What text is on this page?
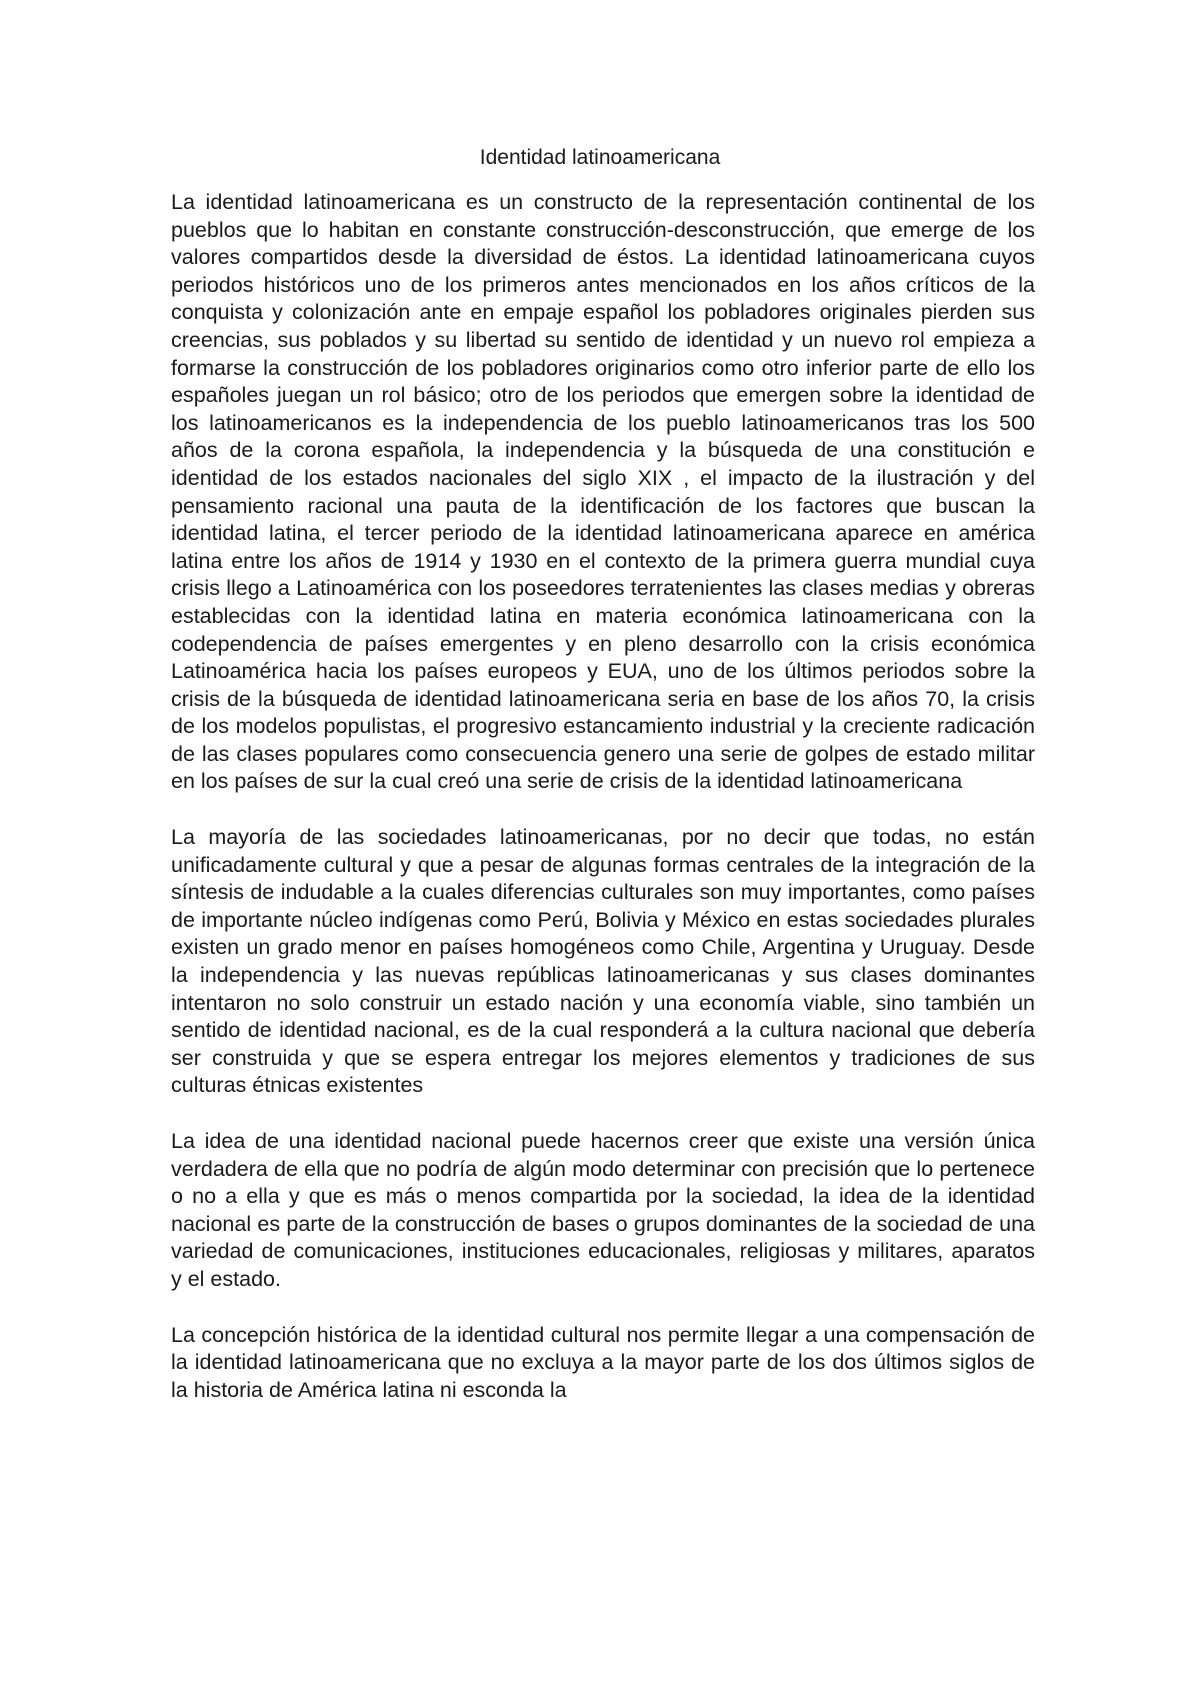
Identidad latinoamericana

La identidad latinoamericana es un constructo de la representación continental de los pueblos que lo habitan en constante construcción-desconstrucción, que emerge de los valores compartidos desde la diversidad de éstos. La identidad latinoamericana cuyos periodos históricos uno de los primeros antes mencionados en los años críticos de la conquista y colonización ante en empaje español los pobladores originales pierden sus creencias, sus poblados y su libertad su sentido de identidad y un nuevo rol empieza a formarse la construcción de los pobladores originarios como otro inferior parte de ello los españoles juegan un rol básico; otro de los periodos que emergen sobre la identidad de los latinoamericanos es la independencia de los pueblo latinoamericanos tras los 500 años de la corona española, la independencia y la búsqueda de una constitución e identidad de los estados nacionales del siglo XIX , el impacto de la ilustración y del pensamiento racional una pauta de la identificación de los factores que buscan la identidad latina, el tercer periodo de la identidad latinoamericana aparece en américa latina entre los años de 1914 y 1930 en el contexto de la primera guerra mundial cuya crisis llego a Latinoamérica con los poseedores terratenientes las clases medias y obreras establecidas con la identidad latina en materia económica latinoamericana con la codependencia de países emergentes y en pleno desarrollo con la crisis económica Latinoamérica hacia los países europeos y EUA, uno de los últimos periodos sobre la crisis de la búsqueda de identidad latinoamericana seria en base de los años 70, la crisis de los modelos populistas, el progresivo estancamiento industrial y la creciente radicación de las clases populares como consecuencia genero una serie de golpes de estado militar en los países de sur la cual creó una serie de crisis de la identidad latinoamericana

La mayoría de las sociedades latinoamericanas, por no decir que todas, no están unificadamente cultural y que a pesar de algunas formas centrales de la integración de la síntesis de indudable a la cuales diferencias culturales son muy importantes, como países de importante núcleo indígenas como Perú, Bolivia y México en estas sociedades plurales existen un grado menor en países homogéneos como Chile, Argentina y Uruguay. Desde la independencia y las nuevas repúblicas latinoamericanas y sus clases dominantes intentaron no solo construir un estado nación y una economía viable, sino también un sentido de identidad nacional, es de la cual responderá a la cultura nacional que debería ser construida y que se espera entregar los mejores elementos y tradiciones de sus culturas étnicas existentes

La idea de una identidad nacional puede hacernos creer que existe una versión única verdadera de ella que no podría de algún modo determinar con precisión que lo pertenece o no a ella y que es más o menos compartida por la sociedad, la idea de la identidad nacional es parte de la construcción de bases o grupos dominantes de la sociedad de una variedad de comunicaciones, instituciones educacionales, religiosas y militares, aparatos y el estado.

La concepción histórica de la identidad cultural nos permite llegar a una compensación de la identidad latinoamericana que no excluya a la mayor parte de los dos últimos siglos de la historia de América latina ni esconda la
